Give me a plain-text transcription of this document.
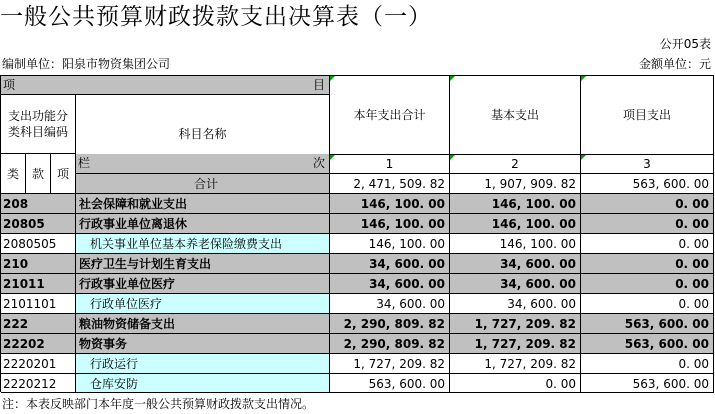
一般公共预算财政拨款支出决算表（一）
公开05表
编制单位：阳泉市物资集团公司	金额单位：元
项	目
支出功能分类科目编码	科目名称
本年支出合计	基本支出	项目支出
类	款	项
栏	次	1	2	3
合计	2, 471, 509. 82	1, 907, 909. 82	563, 600. 00
208	社会保障和就业支出	146, 100. 00	146, 100. 00	0. 00
20805	行政事业单位离退休	146, 100. 00	146, 100. 00	0. 00
2080505	机关事业单位基本养老保险缴费支出	146, 100. 00	146, 100. 00	0. 00
210	医疗卫生与计划生育支出	34, 600. 00	34, 600. 00	0. 00
21011	行政事业单位医疗	34, 600. 00	34, 600. 00	0. 00
2101101	行政单位医疗	34, 600. 00	34, 600. 00	0. 00
222	粮油物资储备支出	2, 290, 809. 82	1, 727, 209. 82	563, 600. 00
22202	物资事务	2, 290, 809. 82	1, 727, 209. 82	563, 600. 00
2220201	行政运行	1, 727, 209. 82	1, 727, 209. 82	0. 00
2220212	仓库安防	563, 600. 00	0. 00	563, 600. 00
注：本表反映部门本年度一般公共预算财政拨款支出情况。
